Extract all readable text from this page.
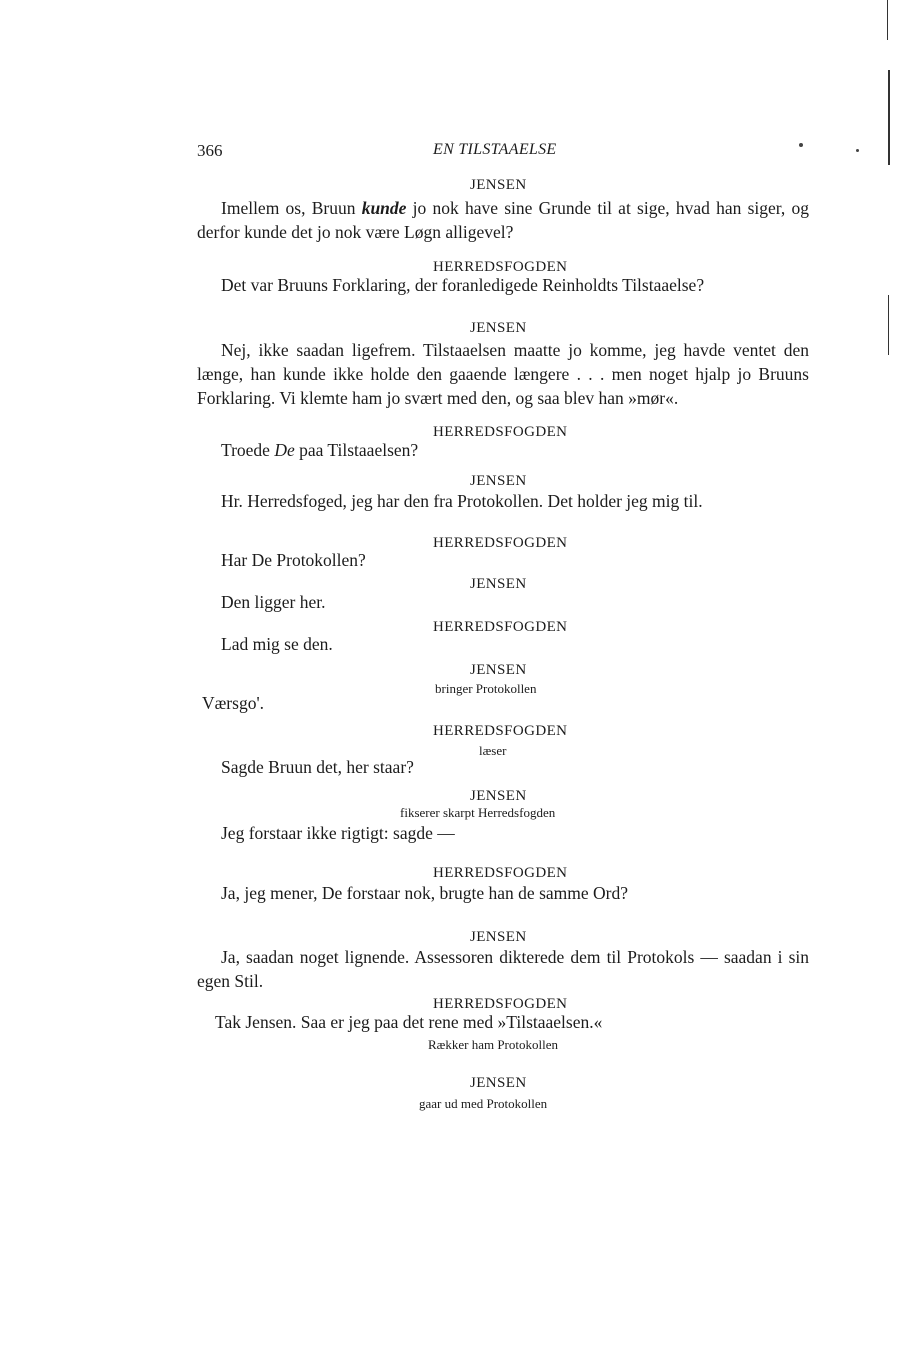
366	EN TILSTAAELSE
JENSEN
Imellem os, Bruun kunde jo nok have sine Grunde til at sige, hvad han siger, og derfor kunde det jo nok være Løgn alligevel?
HERREDSFOGDEN
Det var Bruuns Forklaring, der foranledigede Reinholdts Tilstaaelse?
JENSEN
Nej, ikke saadan ligefrem. Tilstaaelsen maatte jo komme, jeg havde ventet den længe, han kunde ikke holde den gaaende længere . . . men noget hjalp jo Bruuns Forklaring. Vi klemte ham jo svært med den, og saa blev han »mør«.
HERREDSFOGDEN
Troede De paa Tilstaaelsen?
JENSEN
Hr. Herredsfoged, jeg har den fra Protokollen. Det holder jeg mig til.
HERREDSFOGDEN
Har De Protokollen?
JENSEN
Den ligger her.
HERREDSFOGDEN
Lad mig se den.
JENSEN
bringer Protokollen
Værsgo'.
HERREDSFOGDEN
læser
Sagde Bruun det, her staar?
JENSEN
fikserer skarpt Herredsfogden
Jeg forstaar ikke rigtigt: sagde —
HERREDSFOGDEN
Ja, jeg mener, De forstaar nok, brugte han de samme Ord?
JENSEN
Ja, saadan noget lignende. Assessoren dikterede dem til Protokols — saadan i sin egen Stil.
HERREDSFOGDEN
Tak Jensen. Saa er jeg paa det rene med »Tilstaaelsen.«
Rækker ham Protokollen
JENSEN
gaar ud med Protokollen
